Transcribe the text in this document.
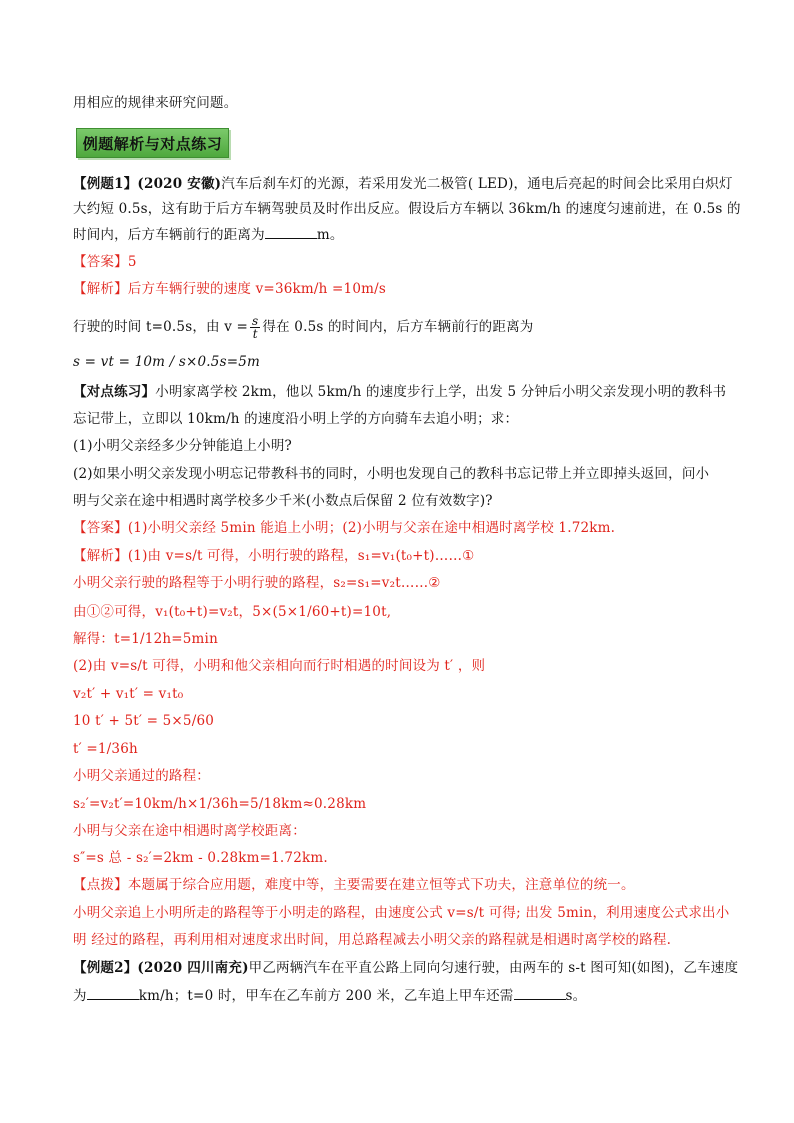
用相应的规律来研究问题。
例题解析与对点练习
【例题1】(2020 安徽)汽车后刹车灯的光源，若采用发光二极管( LED)，通电后亮起的时间会比采用白炽灯
大约短 0.5s，这有助于后方车辆驾驶员及时作出反应。假设后方车辆以 36km/h 的速度匀速前进，在 0.5s 的
时间内，后方车辆前行的距离为	m。
【答案】5
【解析】后方车辆行驶的速度 v=36km/h =10m/s
行驶的时间 t=0.5s，由 $v = \frac{s}{t}$ 得在 0.5s 的时间内，后方车辆前行的距离为
s = vt = 10m / s×0.5s=5m
【对点练习】小明家离学校 2km，他以 5km/h 的速度步行上学，出发 5 分钟后小明父亲发现小明的教科书
忘记带上，立即以 10km/h 的速度沿小明上学的方向骑车去追小明；求：
(1)小明父亲经多少分钟能追上小明?
(2)如果小明父亲发现小明忘记带教科书的同时，小明也发现自己的教科书忘记带上并立即掉头返回，问小
明与父亲在途中相遇时离学校多少千米(小数点后保留 2 位有效数字)?
【答案】(1)小明父亲经 5min 能追上小明；(2)小明与父亲在途中相遇时离学校 1.72km.
【解析】(1)由 v=s/t 可得，小明行驶的路程，s₁=v₁(t₀+t)……①
小明父亲行驶的路程等于小明行驶的路程，s₂=s₁=v₂t……②
由①②可得，v₁(t₀+t)=v₂t，5×(5×1/60+t)=10t,
解得：t=1/12h=5min
(2)由 v=s/t 可得，小明和他父亲相向而行时相遇的时间设为 t′ ，则
v₂t′ + v₁t′ = v₁t₀
10 t′ + 5t′ = 5×5/60
t′ =1/36h
小明父亲通过的路程：
s₂′=v₂t′=10km/h×1/36h=5/18km≈0.28km
小明与父亲在途中相遇时离学校距离：
s″=s 总 - s₂′=2km - 0.28km=1.72km.
【点拨】本题属于综合应用题，难度中等，主要需要在建立恒等式下功夫，注意单位的统一。
小明父亲追上小明所走的路程等于小明走的路程，由速度公式 v=s/t 可得; 出发 5min，利用速度公式求出小
明 经过的路程，再利用相对速度求出时间，用总路程减去小明父亲的路程就是相遇时离学校的路程.
【例题2】(2020 四川南充)甲乙两辆汽车在平直公路上同向匀速行驶，由两车的 s-t 图可知(如图)，乙车速度
为	km/h；t=0 时，甲车在乙车前方 200 米，乙车追上甲车还需	s。
